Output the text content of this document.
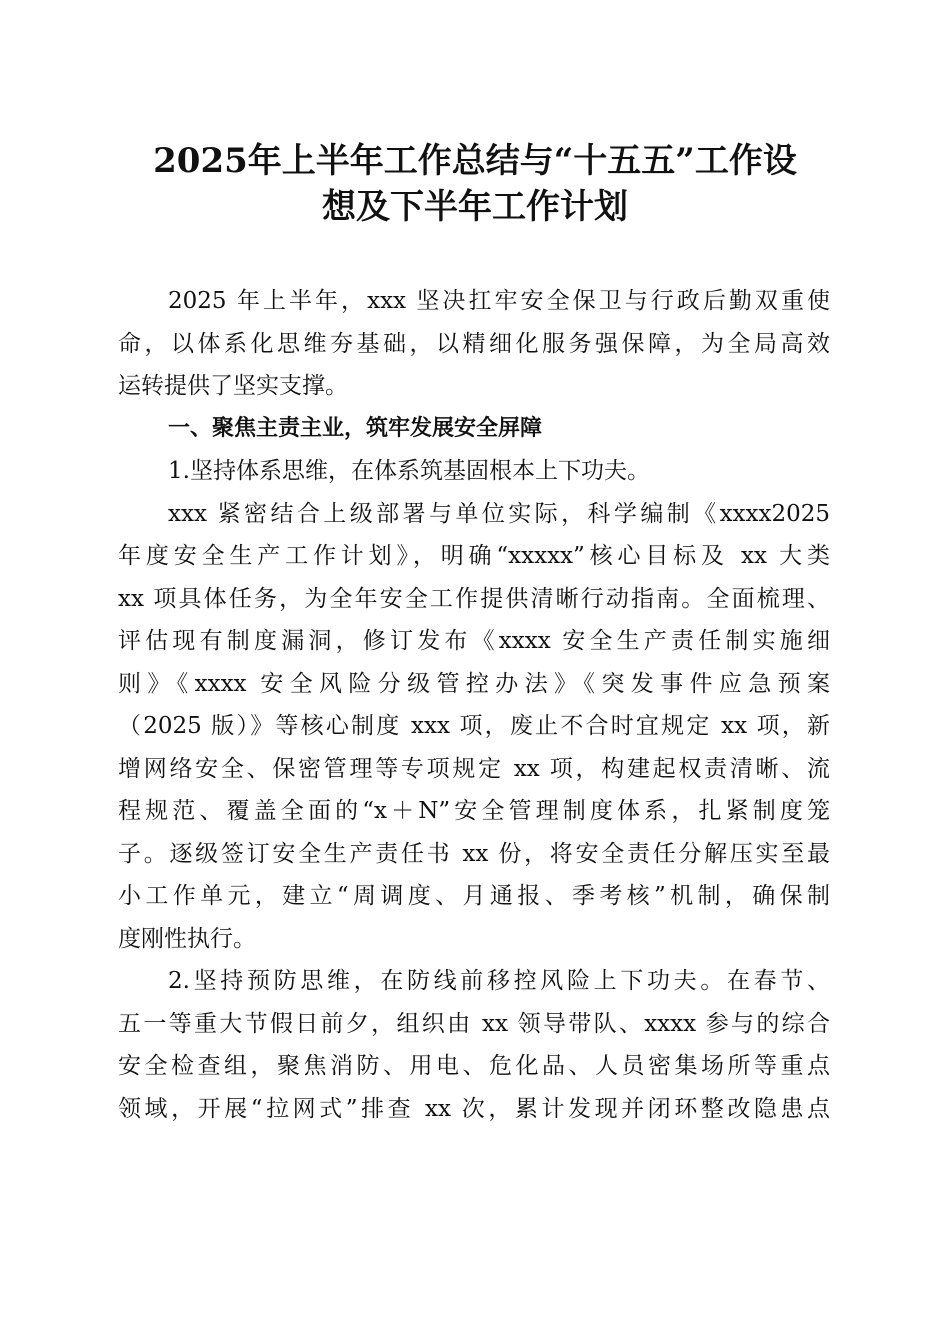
2025年上半年工作总结与“十五五”工作设
想及下半年工作计划
2025 年上半年，xxx 坚决扛牢安全保卫与行政后勤双重使
命，以体系化思维夯基础，以精细化服务强保障，为全局高效
运转提供了坚实支撑。
一、聚焦主责主业，筑牢发展安全屏障
1.坚持体系思维，在体系筑基固根本上下功夫。
xxx 紧密结合上级部署与单位实际，科学编制《xxxx2025
年度安全生产工作计划》，明确“xxxxx”核心目标及 xx 大类
xx 项具体任务，为全年安全工作提供清晰行动指南。全面梳理、
评估现有制度漏洞，修订发布《xxxx 安全生产责任制实施细
则》《xxxx 安全风险分级管控办法》《突发事件应急预案
（2025 版）》等核心制度 xxx 项，废止不合时宜规定 xx 项，新
增网络安全、保密管理等专项规定 xx 项，构建起权责清晰、流
程规范、覆盖全面的“x＋N”安全管理制度体系，扎紧制度笼
子。逐级签订安全生产责任书 xx 份，将安全责任分解压实至最
小工作单元，建立“周调度、月通报、季考核”机制，确保制
度刚性执行。
2.坚持预防思维，在防线前移控风险上下功夫。在春节、
五一等重大节假日前夕，组织由 xx 领导带队、xxxx 参与的综合
安全检查组，聚焦消防、用电、危化品、人员密集场所等重点
领域，开展“拉网式”排查 xx 次，累计发现并闭环整改隐患点
